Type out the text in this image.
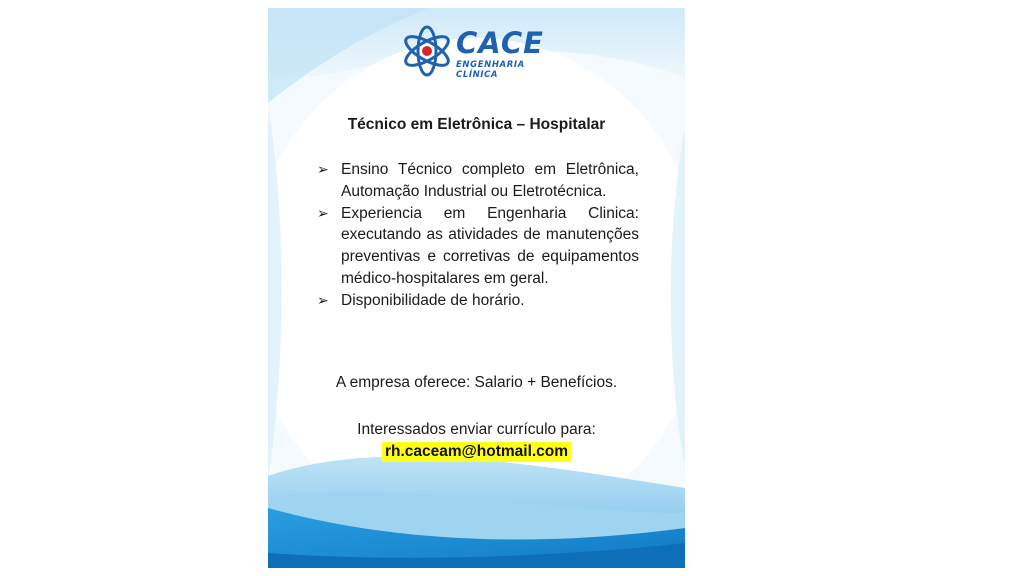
CACE
ENGENHARIA CLÍNICA
Técnico em Eletrônica – Hospitalar
➢ Ensino Técnico completo em Eletrônica, Automação Industrial ou Eletrotécnica.
➢ Experiencia em Engenharia Clinica: executando as atividades de manutenções preventivas e corretivas de equipamentos médico-hospitalares em geral.
➢ Disponibilidade de horário.
A empresa oferece: Salario + Benefícios.
Interessados enviar currículo para:
rh.caceam@hotmail.com
